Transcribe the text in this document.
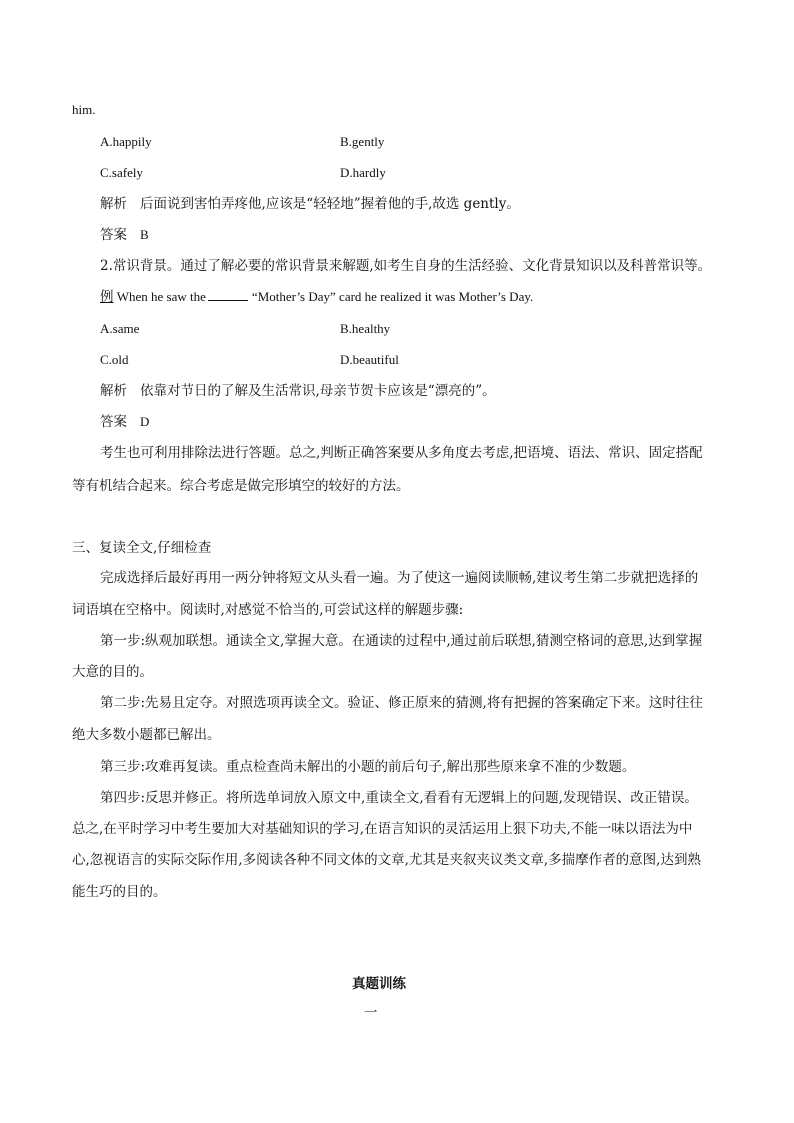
him.
A.happily	B.gently
C.safely	D.hardly
解析 后面说到害怕弄疼他,应该是“轻轻地”握着他的手,故选 gently。
答案 B
2.常识背景。通过了解必要的常识背景来解题,如考生自身的生活经验、文化背景知识以及科普常识等。
例 When he saw the	“Mother’s Day” card he realized it was Mother’s Day.
A.same	B.healthy
C.old	D.beautiful
解析 依靠对节日的了解及生活常识,母亲节贺卡应该是“漂亮的”。
答案 D
考生也可利用排除法进行答题。总之,判断正确答案要从多角度去考虑,把语境、语法、常识、固定搭配
等有机结合起来。综合考虑是做完形填空的较好的方法。
三、复读全文,仔细检查
完成选择后最好再用一两分钟将短文从头看一遍。为了使这一遍阅读顺畅,建议考生第二步就把选择的
词语填在空格中。阅读时,对感觉不恰当的,可尝试这样的解题步骤:
第一步:纵观加联想。通读全文,掌握大意。在通读的过程中,通过前后联想,猜测空格词的意思,达到掌握
大意的目的。
第二步:先易且定夺。对照选项再读全文。验证、修正原来的猜测,将有把握的答案确定下来。这时往往
绝大多数小题都已解出。
第三步:攻难再复读。重点检查尚未解出的小题的前后句子,解出那些原来拿不准的少数题。
第四步:反思并修正。将所选单词放入原文中,重读全文,看看有无逻辑上的问题,发现错误、改正错误。
总之,在平时学习中考生要加大对基础知识的学习,在语言知识的灵活运用上狠下功夫,不能一味以语法为中
心,忽视语言的实际交际作用,多阅读各种不同文体的文章,尤其是夹叙夹议类文章,多揣摩作者的意图,达到熟
能生巧的目的。
真题训练
一
